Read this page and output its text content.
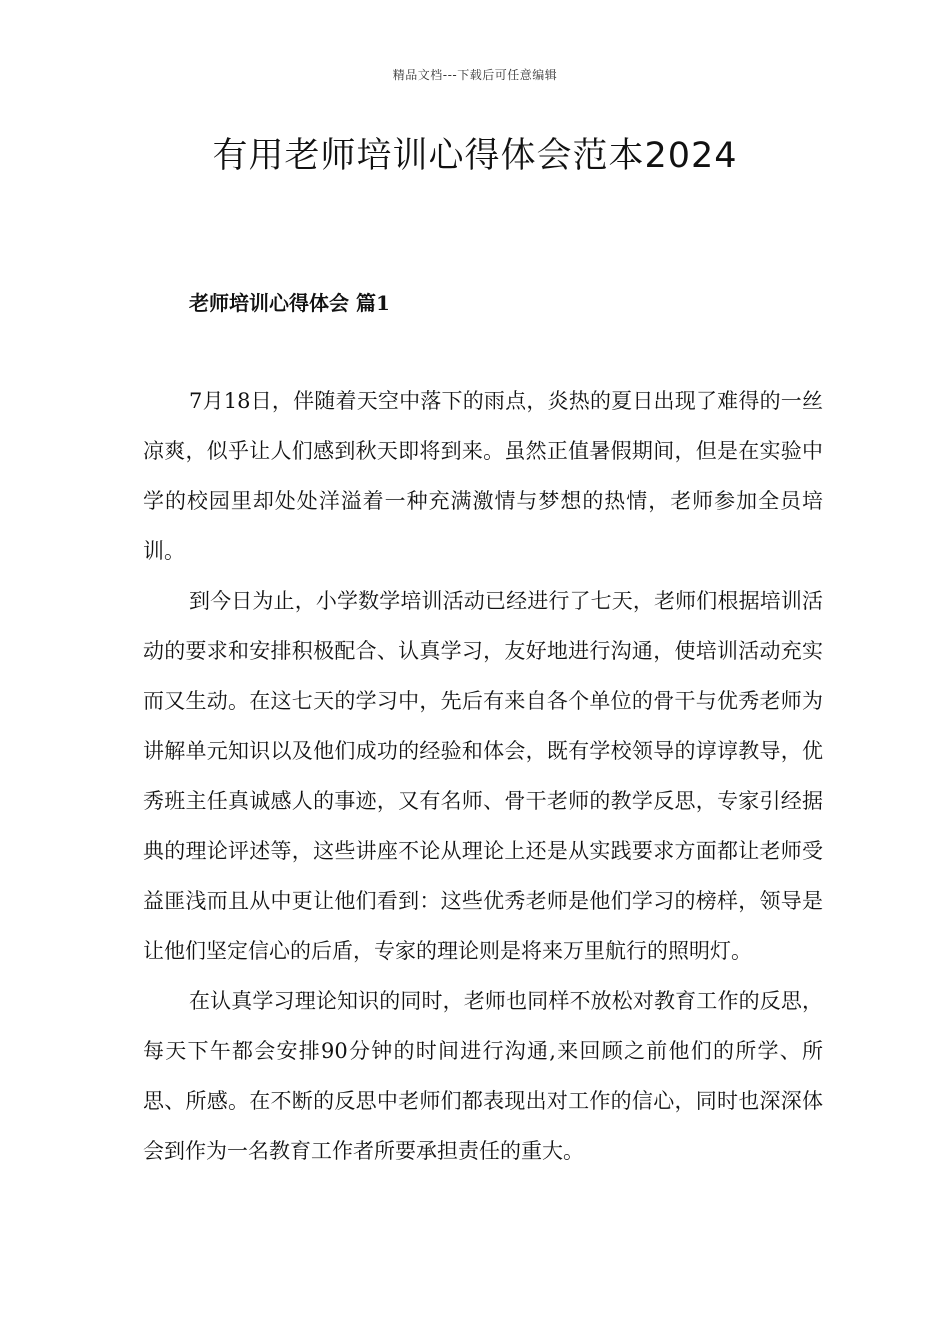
精品文档---下载后可任意编辑
有用老师培训心得体会范本2024
老师培训心得体会 篇1

7月18日，伴随着天空中落下的雨点，炎热的夏日出现了难得的一丝凉爽，似乎让人们感到秋天即将到来。虽然正值暑假期间，但是在实验中学的校园里却处处洋溢着一种充满激情与梦想的热情，老师参加全员培训。

到今日为止，小学数学培训活动已经进行了七天，老师们根据培训活动的要求和安排积极配合、认真学习，友好地进行沟通，使培训活动充实而又生动。在这七天的学习中，先后有来自各个单位的骨干与优秀老师为讲解单元知识以及他们成功的经验和体会，既有学校领导的谆谆教导，优秀班主任真诚感人的事迹，又有名师、骨干老师的教学反思，专家引经据典的理论评述等，这些讲座不论从理论上还是从实践要求方面都让老师受益匪浅而且从中更让他们看到：这些优秀老师是他们学习的榜样，领导是让他们坚定信心的后盾，专家的理论则是将来万里航行的照明灯。

在认真学习理论知识的同时，老师也同样不放松对教育工作的反思，每天下午都会安排90分钟的时间进行沟通,来回顾之前他们的所学、所思、所感。在不断的反思中老师们都表现出对工作的信心，同时也深深体会到作为一名教育工作者所要承担责任的重大。
